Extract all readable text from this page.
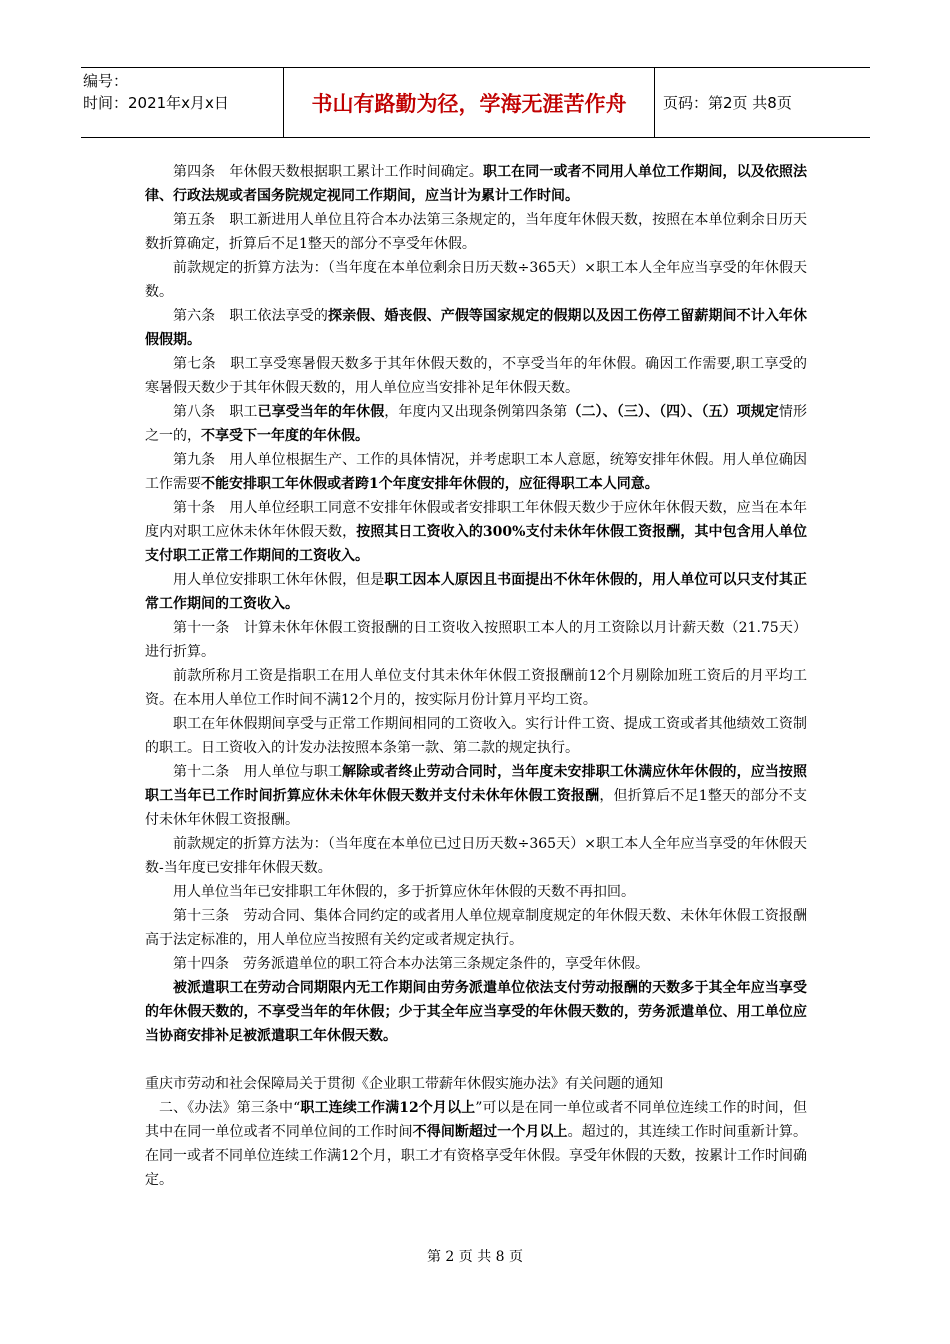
编号：
时间：2021年x月x日	书山有路勤为径，学海无涯苦作舟	页码：第2页 共8页

第四条　年休假天数根据职工累计工作时间确定。职工在同一或者不同用人单位工作期间，以及依照法律、行政法规或者国务院规定视同工作期间，应当计为累计工作时间。

第五条　职工新进用人单位且符合本办法第三条规定的，当年度年休假天数，按照在本单位剩余日历天数折算确定，折算后不足1整天的部分不享受年休假。

前款规定的折算方法为：（当年度在本单位剩余日历天数÷365天）×职工本人全年应当享受的年休假天数。

第六条　职工依法享受的探亲假、婚丧假、产假等国家规定的假期以及因工伤停工留薪期间不计入年休假假期。

第七条　职工享受寒暑假天数多于其年休假天数的，不享受当年的年休假。确因工作需要,职工享受的寒暑假天数少于其年休假天数的，用人单位应当安排补足年休假天数。

第八条　职工已享受当年的年休假，年度内又出现条例第四条第（二）、（三）、（四）、（五）项规定情形之一的，不享受下一年度的年休假。

第九条　用人单位根据生产、工作的具体情况，并考虑职工本人意愿，统筹安排年休假。用人单位确因工作需要不能安排职工年休假或者跨1个年度安排年休假的，应征得职工本人同意。

第十条　用人单位经职工同意不安排年休假或者安排职工年休假天数少于应休年休假天数，应当在本年度内对职工应休未休年休假天数，按照其日工资收入的300%支付未休年休假工资报酬，其中包含用人单位支付职工正常工作期间的工资收入。

用人单位安排职工休年休假，但是职工因本人原因且书面提出不休年休假的，用人单位可以只支付其正常工作期间的工资收入。

第十一条　计算未休年休假工资报酬的日工资收入按照职工本人的月工资除以月计薪天数（21.75天）进行折算。

前款所称月工资是指职工在用人单位支付其未休年休假工资报酬前12个月剔除加班工资后的月平均工资。在本用人单位工作时间不满12个月的，按实际月份计算月平均工资。

职工在年休假期间享受与正常工作期间相同的工资收入。实行计件工资、提成工资或者其他绩效工资制的职工。日工资收入的计发办法按照本条第一款、第二款的规定执行。

第十二条　用人单位与职工解除或者终止劳动合同时，当年度未安排职工休满应休年休假的，应当按照职工当年已工作时间折算应休未休年休假天数并支付未休年休假工资报酬，但折算后不足1整天的部分不支付未休年休假工资报酬。

前款规定的折算方法为：（当年度在本单位已过日历天数÷365天）×职工本人全年应当享受的年休假天数-当年度已安排年休假天数。

用人单位当年已安排职工年休假的，多于折算应休年休假的天数不再扣回。

第十三条　劳动合同、集体合同约定的或者用人单位规章制度规定的年休假天数、未休年休假工资报酬高于法定标准的，用人单位应当按照有关约定或者规定执行。

第十四条　劳务派遣单位的职工符合本办法第三条规定条件的，享受年休假。

被派遣职工在劳动合同期限内无工作期间由劳务派遣单位依法支付劳动报酬的天数多于其全年应当享受的年休假天数的，不享受当年的年休假；少于其全年应当享受的年休假天数的，劳务派遣单位、用工单位应当协商安排补足被派遣职工年休假天数。

重庆市劳动和社会保障局关于贯彻《企业职工带薪年休假实施办法》有关问题的通知

二、《办法》第三条中“职工连续工作满12个月以上”可以是在同一单位或者不同单位连续工作的时间，但其中在同一单位或者不同单位间的工作时间不得间断超过一个月以上。超过的，其连续工作时间重新计算。在同一或者不同单位连续工作满12个月，职工才有资格享受年休假。享受年休假的天数，按累计工作时间确定。

第 2 页 共 8 页
